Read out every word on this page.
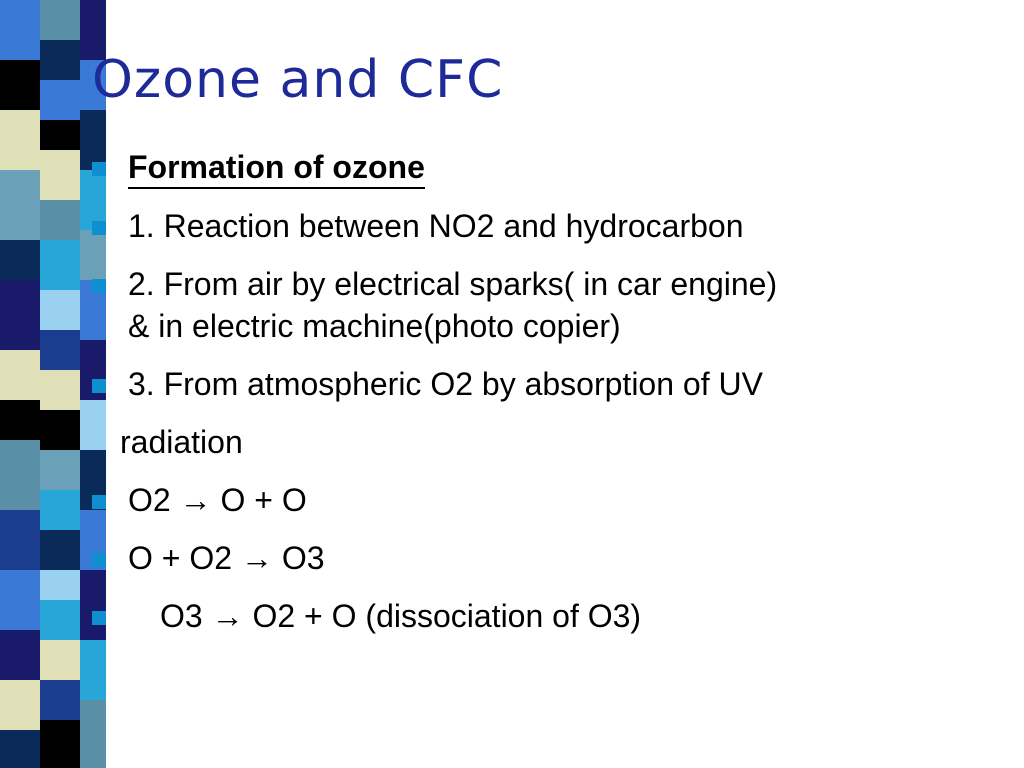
Ozone and CFC
Formation of ozone
1. Reaction between NO2 and hydrocarbon
2. From air by electrical sparks( in car engine)
& in electric machine(photo copier)
3. From atmospheric O2 by absorption of UV
radiation
O2 → O + O
O + O2 → O3
O3 → O2 + O (dissociation of O3)
